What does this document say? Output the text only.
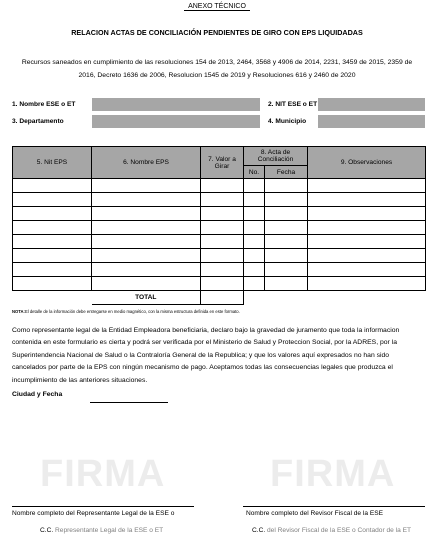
ANEXO TÉCNICO
RELACION ACTAS DE CONCILIACIÓN PENDIENTES DE GIRO CON EPS LIQUIDADAS
Recursos saneados en cumplimiento de las resoluciones 154 de 2013, 2464, 3568 y 4906 de 2014, 2231, 3459 de 2015, 2359 de
2016, Decreto 1636 de 2006, Resolucion 1545 de 2019 y Resoluciones 616 y 2460 de 2020
1. Nombre ESE o ET	2. NIT ESE o ET
3. Departamento	4. Municipio
5. Nit EPS	6. Nombre EPS	7. Valor a Girar	8. Acta de Conciliación		9. Observaciones
			No.	Fecha	

	TOTAL				
NOTA:El detalle de la información debe entregarse en medio magnético, con la misma estructura definida en este formato.
Como representante legal de la Entidad Empleadora beneficiaria, declaro bajo la gravedad de juramento que toda la informacion contenida en este formulario es cierta y podrá ser verificada por el Ministerio de Salud y Proteccion Social, por la ADRES, por la Superintendencia Nacional de Salud o la Contraloría General de la Republica; y que los valores aquí expresados no han sido cancelados por parte de la EPS con ningún mecanismo de pago. Aceptamos todas las consecuencias legales que produzca el incumplimiento de las anteriores situaciones.
Ciudad y Fecha
FIRMA	FIRMA
Nombre completo del Representante Legal de la ESE o	Nombre completo del Revisor Fiscal de la ESE
C.C. Representante Legal de la ESE o ET	C.C. del Revisor Fiscal de la ESE o Contador de la ET
